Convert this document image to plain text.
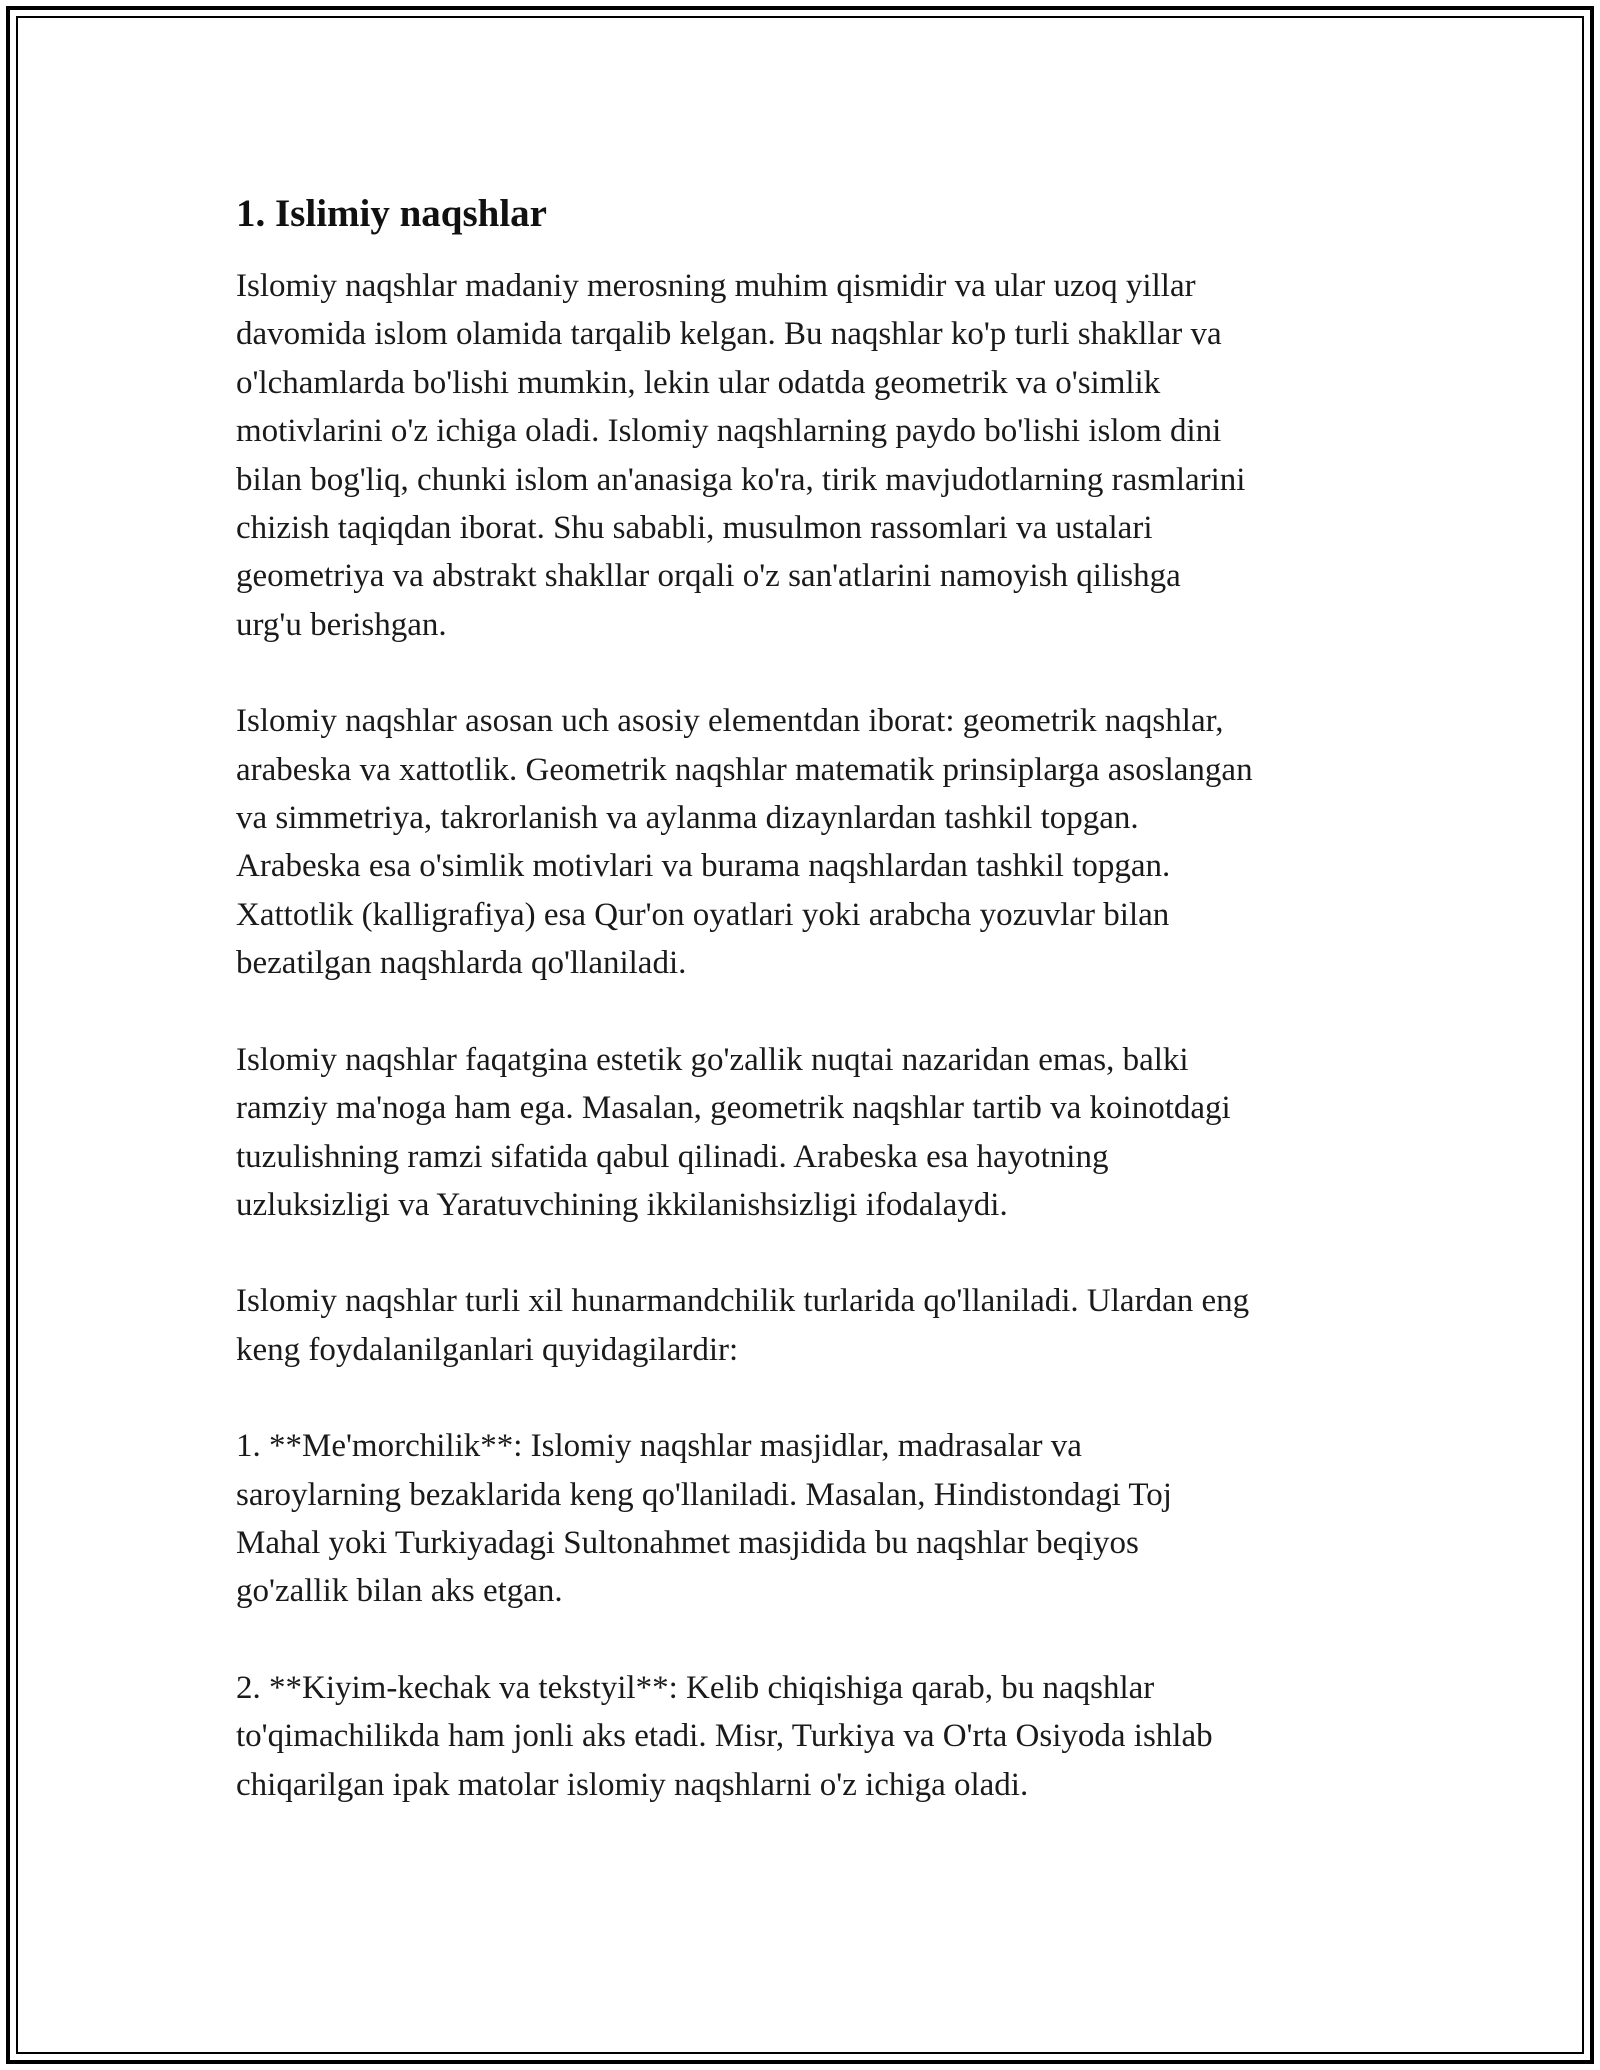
1. Islimiy naqshlar

Islomiy naqshlar madaniy merosning muhim qismidir va ular uzoq yillar
davomida islom olamida tarqalib kelgan. Bu naqshlar ko'p turli shakllar va
o'lchamlarda bo'lishi mumkin, lekin ular odatda geometrik va o'simlik
motivlarini o'z ichiga oladi. Islomiy naqshlarning paydo bo'lishi islom dini
bilan bog'liq, chunki islom an'anasiga ko'ra, tirik mavjudotlarning rasmlarini
chizish taqiqdan iborat. Shu sababli, musulmon rassomlari va ustalari
geometriya va abstrakt shakllar orqali o'z san'atlarini namoyish qilishga
urg'u berishgan.

Islomiy naqshlar asosan uch asosiy elementdan iborat: geometrik naqshlar,
arabeska va xattotlik. Geometrik naqshlar matematik prinsiplarga asoslangan
va simmetriya, takrorlanish va aylanma dizaynlardan tashkil topgan.
Arabeska esa o'simlik motivlari va burama naqshlardan tashkil topgan.
Xattotlik (kalligrafiya) esa Qur'on oyatlari yoki arabcha yozuvlar bilan
bezatilgan naqshlarda qo'llaniladi.

Islomiy naqshlar faqatgina estetik go'zallik nuqtai nazaridan emas, balki
ramziy ma'noga ham ega. Masalan, geometrik naqshlar tartib va koinotdagi
tuzulishning ramzi sifatida qabul qilinadi. Arabeska esa hayotning
uzluksizligi va Yaratuvchining ikkilanishsizligi ifodalaydi.

Islomiy naqshlar turli xil hunarmandchilik turlarida qo'llaniladi. Ulardan eng
keng foydalanilganlari quyidagilardir:

1. **Me'morchilik**: Islomiy naqshlar masjidlar, madrasalar va
saroylarning bezaklarida keng qo'llaniladi. Masalan, Hindistondagi Toj
Mahal yoki Turkiyadagi Sultonahmet masjidida bu naqshlar beqiyos
go'zallik bilan aks etgan.

2. **Kiyim-kechak va tekstyil**: Kelib chiqishiga qarab, bu naqshlar
to'qimachilikda ham jonli aks etadi. Misr, Turkiya va O'rta Osiyoda ishlab
chiqarilgan ipak matolar islomiy naqshlarni o'z ichiga oladi.
